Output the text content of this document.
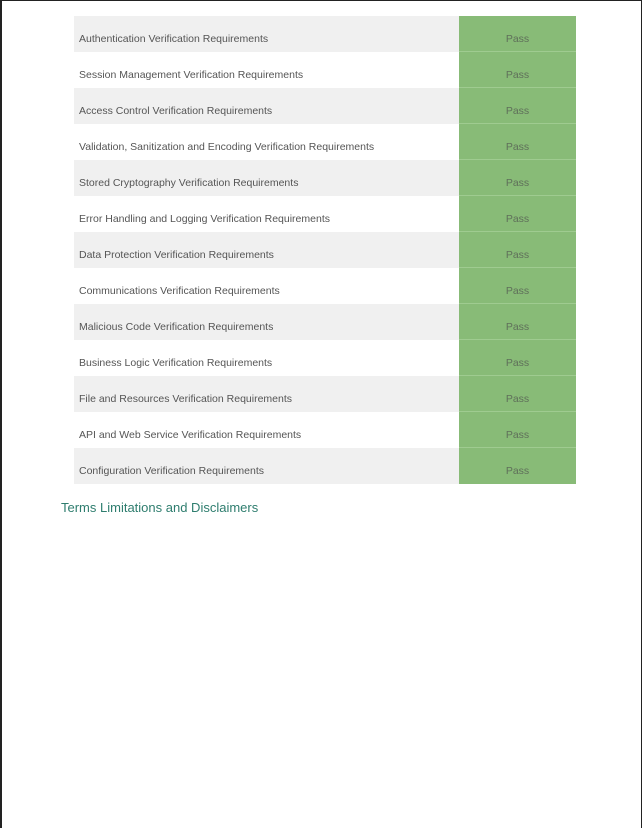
Authentication Verification Requirements	Pass
Session Management Verification Requirements	Pass
Access Control Verification Requirements	Pass
Validation, Sanitization and Encoding Verification Requirements	Pass
Stored Cryptography Verification Requirements	Pass
Error Handling and Logging Verification Requirements	Pass
Data Protection Verification Requirements	Pass
Communications Verification Requirements	Pass
Malicious Code Verification Requirements	Pass
Business Logic Verification Requirements	Pass
File and Resources Verification Requirements	Pass
API and Web Service Verification Requirements	Pass
Configuration Verification Requirements	Pass
Terms Limitations and Disclaimers
